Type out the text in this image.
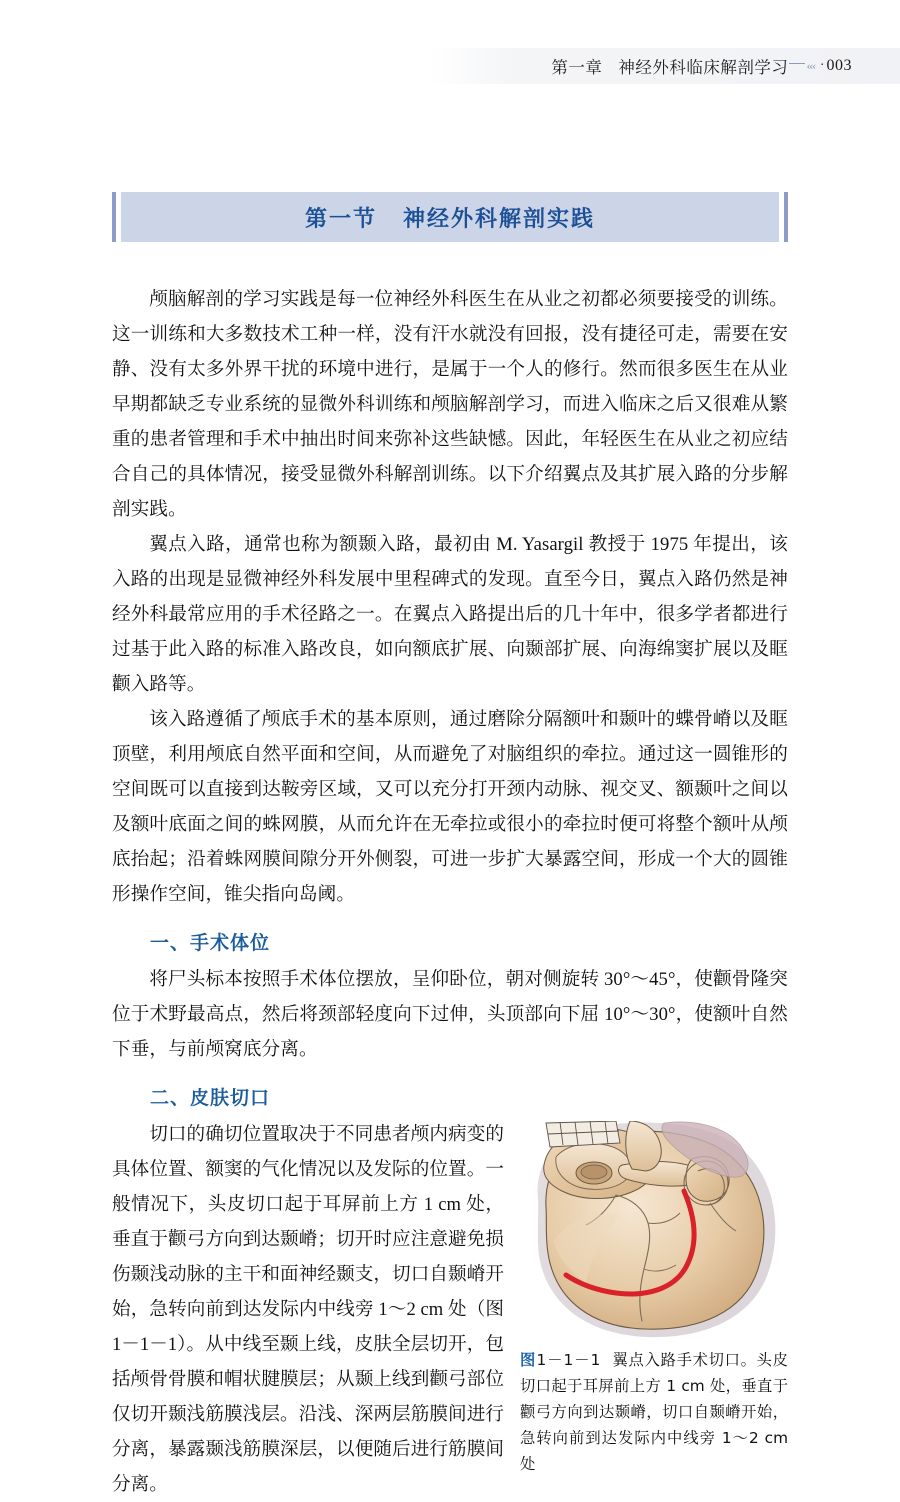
第一章 神经外科临床解剖学习 ‹‹‹ · 003
第一节 神经外科解剖实践

颅脑解剖的学习实践是每一位神经外科医生在从业之初都必须要接受的训练。这一训练和大多数技术工种一样，没有汗水就没有回报，没有捷径可走，需要在安静、没有太多外界干扰的环境中进行，是属于一个人的修行。然而很多医生在从业早期都缺乏专业系统的显微外科训练和颅脑解剖学习，而进入临床之后又很难从繁重的患者管理和手术中抽出时间来弥补这些缺憾。因此，年轻医生在从业之初应结合自己的具体情况，接受显微外科解剖训练。以下介绍翼点及其扩展入路的分步解剖实践。

翼点入路，通常也称为额颞入路，最初由 M. Yasargil 教授于 1975 年提出，该入路的出现是显微神经外科发展中里程碑式的发现。直至今日，翼点入路仍然是神经外科最常应用的手术径路之一。在翼点入路提出后的几十年中，很多学者都进行过基于此入路的标准入路改良，如向额底扩展、向颞部扩展、向海绵窦扩展以及眶颧入路等。

该入路遵循了颅底手术的基本原则，通过磨除分隔额叶和颞叶的蝶骨嵴以及眶顶壁，利用颅底自然平面和空间，从而避免了对脑组织的牵拉。通过这一圆锥形的空间既可以直接到达鞍旁区域，又可以充分打开颈内动脉、视交叉、额颞叶之间以及额叶底面之间的蛛网膜，从而允许在无牵拉或很小的牵拉时便可将整个额叶从颅底抬起；沿着蛛网膜间隙分开外侧裂，可进一步扩大暴露空间，形成一个大的圆锥形操作空间，锥尖指向岛阈。

一、手术体位

将尸头标本按照手术体位摆放，呈仰卧位，朝对侧旋转 30°～45°，使颧骨隆突位于术野最高点，然后将颈部轻度向下过伸，头顶部向下屈 10°～30°，使额叶自然下垂，与前颅窝底分离。

二、皮肤切口
图1－1－1 翼点入路手术切口。头皮切口起于耳屏前上方 1 cm 处，垂直于颧弓方向到达颞嵴，切口自颞嵴开始，急转向前到达发际内中线旁 1～2 cm 处

切口的确切位置取决于不同患者颅内病变的具体位置、额窦的气化情况以及发际的位置。一般情况下，头皮切口起于耳屏前上方 1 cm 处，垂直于颧弓方向到达颞嵴；切开时应注意避免损伤颞浅动脉的主干和面神经颞支，切口自颞嵴开始，急转向前到达发际内中线旁 1～2 cm 处（图 1－1－1）。从中线至颞上线，皮肤全层切开，包括颅骨骨膜和帽状腱膜层；从颞上线到颧弓部位仅切开颞浅筋膜浅层。沿浅、深两层筋膜间进行分离，暴露颞浅筋膜深层，以便随后进行筋膜间分离。
